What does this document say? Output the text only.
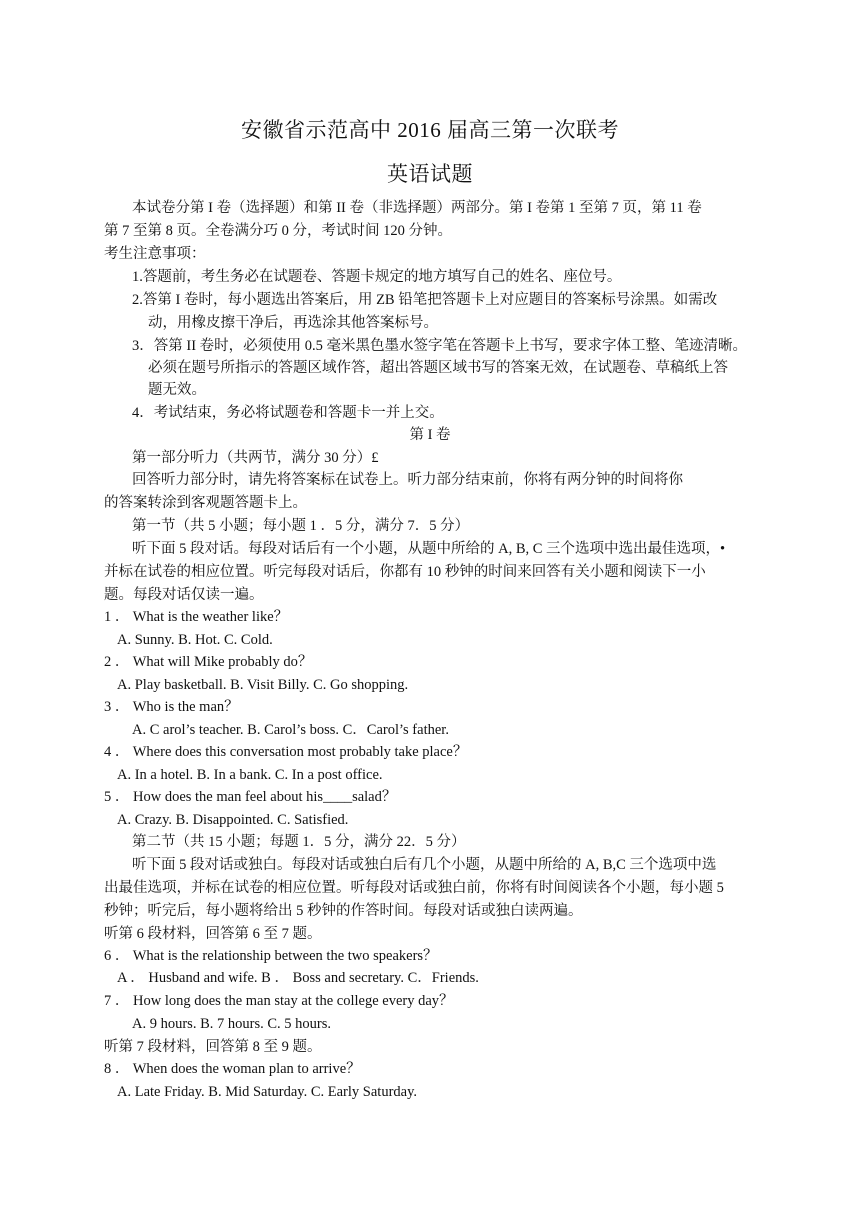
安徽省示范高中 2016 届高三第一次联考
英语试题
本试卷分第 I 卷（选择题）和第 II 卷（非选择题）两部分。第 I 卷第 1 至第 7 页，第 11 卷
第 7 至第 8 页。全卷满分巧 0 分，考试时间 120 分钟。
考生注意事项：
1.答题前，考生务必在试题卷、答题卡规定的地方填写自己的姓名、座位号。
2.答第 I 卷时，每小题选出答案后，用 ZB 铅笔把答题卡上对应题目的答案标号涂黑。如需改
动，用橡皮擦干净后，再选涂其他答案标号。
3．答第 II 卷时，必须使用 0.5 毫米黑色墨水签字笔在答题卡上书写，要求字体工整、笔迹清晰。
必须在题号所指示的答题区域作答，超出答题区域书写的答案无效，在试题卷、草稿纸上答
题无效。
4．考试结束，务必将试题卷和答题卡一并上交。
第 I 卷
第一部分听力（共两节，满分 30 分）£
回答听力部分时，请先将答案标在试卷上。听力部分结束前，你将有两分钟的时间将你
的答案转涂到客观题答题卡上。
第一节（共 5 小题；每小题 1 ．5 分，满分 7．5 分）
听下面 5 段对话。每段对话后有一个小题，从题中所给的 A, B, C 三个选项中选出最佳选项，•
并标在试卷的相应位置。听完每段对话后，你都有 10 秒钟的时间来回答有关小题和阅读下一小
题。每段对话仅读一遍。
1 ． What is the weather like？
A. Sunny. B. Hot. C. Cold.
2 ． What will Mike probably do？
A. Play basketball. B. Visit Billy. C. Go shopping.
3 ． Who is the man？
A. C arol’s teacher. B. Carol’s boss. C．Carol’s father.
4 ． Where does this conversation most probably take place？
A. In a hotel. B. In a bank. C. In a post office.
5 ． How does the man feel about his____salad？
A. Crazy. B. Disappointed. C. Satisfied.
第二节（共 15 小题；每题 1．5 分，满分 22．5 分）
听下面 5 段对话或独白。每段对话或独白后有几个小题，从题中所给的 A, B,C 三个选项中选
出最佳选项，并标在试卷的相应位置。听每段对话或独白前，你将有时间阅读各个小题，每小题 5
秒钟；听完后，每小题将给出 5 秒钟的作答时间。每段对话或独白读两遍。
听第 6 段材料，回答第 6 至 7 题。
6 ． What is the relationship between the two speakers？
A ． Husband and wife. B ． Boss and secretary. C．Friends.
7 ． How long does the man stay at the college every day？
A. 9 hours. B. 7 hours. C. 5 hours.
听第 7 段材料，回答第 8 至 9 题。
8 ． When does the woman plan to arrive？
A. Late Friday. B. Mid Saturday. C. Early Saturday.
